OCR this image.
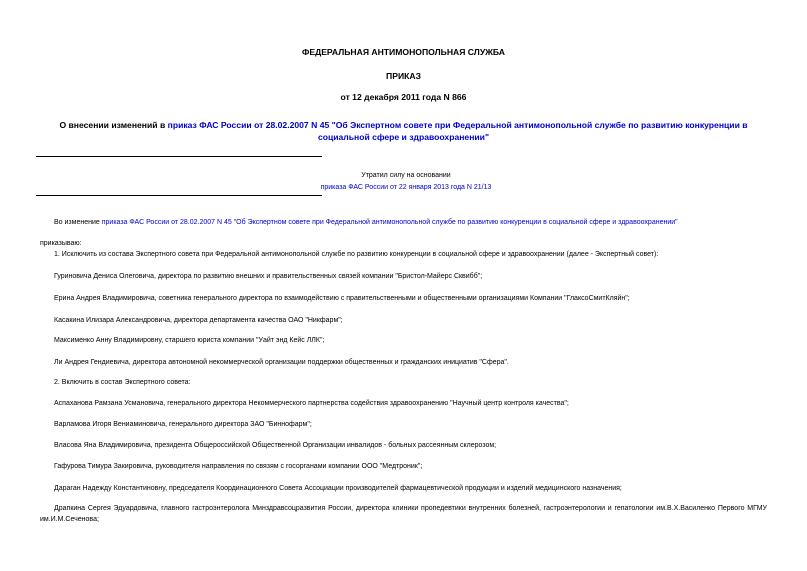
ФЕДЕРАЛЬНАЯ АНТИМОНОПОЛЬНАЯ СЛУЖБА
ПРИКАЗ
от 12 декабря 2011 года N 866
О внесении изменений в приказ ФАС России от 28.02.2007 N 45 "Об Экспертном совете при Федеральной антимонопольной службе по развитию конкуренции в социальной сфере и здравоохранении"
Утратил силу на основании
приказа ФАС России от 22 января 2013 года N 21/13
Во изменение приказа ФАС России от 28.02.2007 N 45 "Об Экспертном совете при Федеральной антимонопольной службе по развитию конкуренции в социальной сфере и здравоохранении"
приказываю:
1. Исключить из состава Экспертного совета при Федеральной антимонопольной службе по развитию конкуренции в социальной сфере и здравоохранении (далее - Экспертный совет):
Гуриновича Дениса Олеговича, директора по развитию внешних и правительственных связей компании "Бристол-Майерс Сквибб";
Ерина Андрея Владимировича, советника генерального директора по взаимодействию с правительственными и общественными организациями Компании "ГлаксоСмитКляйн";
Касакина Илизара Александровича, директора департамента качества ОАО "Никфарм";
Максименко Анну Владимировну, старшего юриста компании "Уайт энд Кейс ЛЛК";
Ли Андрея Гендиевича, директора автономной некоммерческой организации поддержки общественных и гражданских инициатив "Сфера".
2. Включить в состав Экспертного совета:
Аспаханова Рамзана Усмановича, генерального директора Некоммерческого партнерства содействия здравоохранению "Научный центр контроля качества";
Варламова Игоря Вениаминовича, генерального директора ЗАО "Биннофарм";
Власова Яна Владимировича, президента Общероссийской Общественной Организации инвалидов - больных рассеянным склерозом;
Гафурова Тимура Закировича, руководителя направления по связям с госорганами компании ООО "Медтроник";
Дараган Надежду Константиновну, председателя Координационного Совета Ассоциации производителей фармацевтической продукции и изделий медицинского назначения;
Драпкина Сергея Эдуардовича, главного гастроэнтеролога Минздравсоцразвития России, директора клиники пропедевтики внутренних болезней, гастроэнтерологии и гепатологии им.В.Х.Василенко Первого МГМУ им.И.М.Сеченова;
